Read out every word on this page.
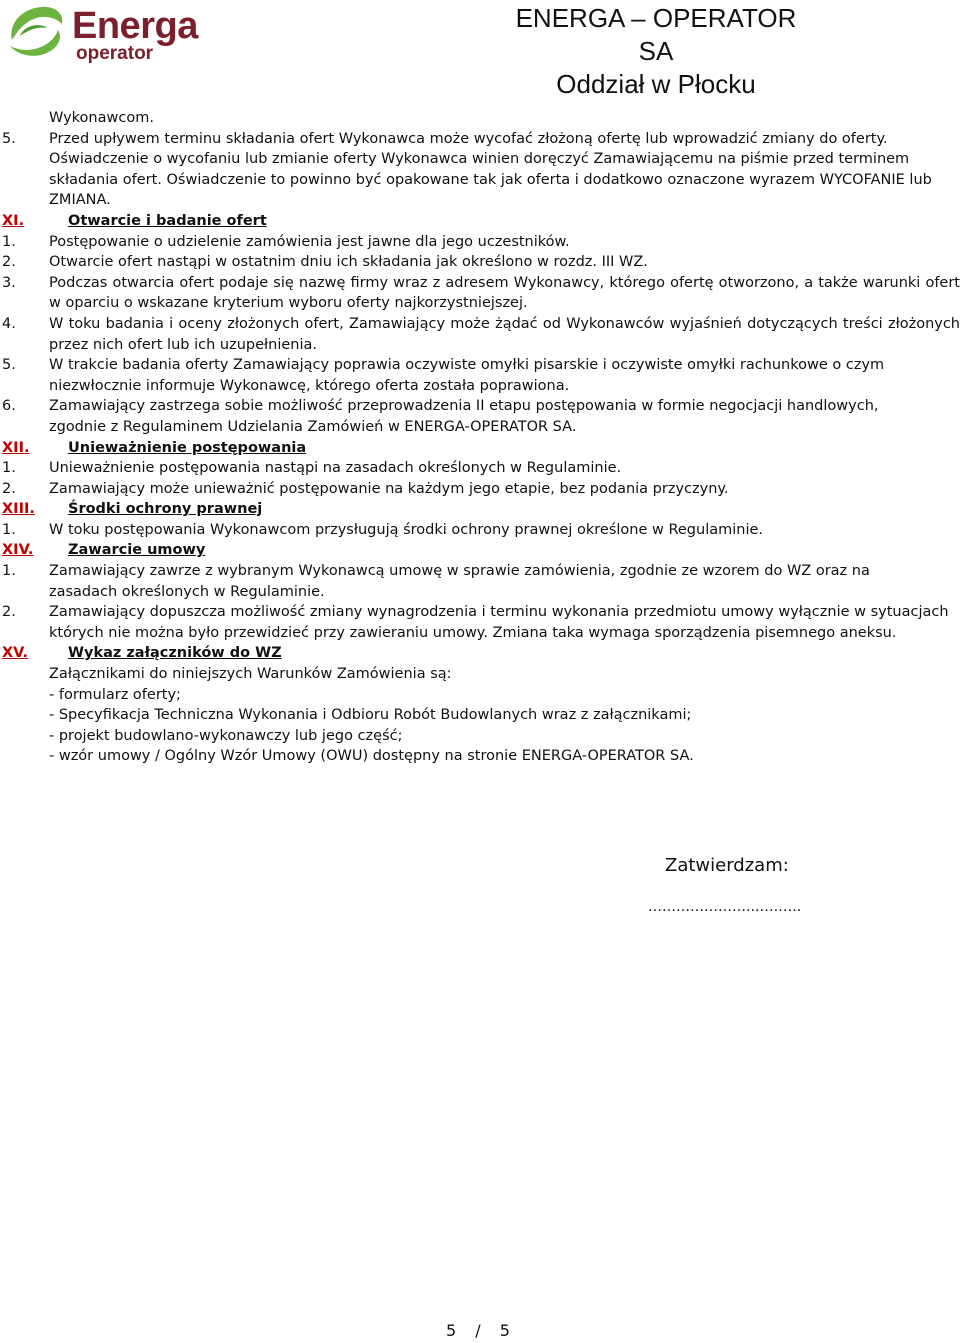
Energa
operator
ENERGA – OPERATOR SA
Oddział w Płocku
Wykonawcom.
5.	Przed upływem terminu składania ofert Wykonawca może wycofać złożoną ofertę lub wprowadzić zmiany do oferty.
Oświadczenie o wycofaniu lub zmianie oferty Wykonawca winien doręczyć Zamawiającemu na piśmie przed terminem składania ofert. Oświadczenie to powinno być opakowane tak jak oferta i dodatkowo oznaczone wyrazem WYCOFANIE lub ZMIANA.
XI.	Otwarcie i badanie ofert
1.	Postępowanie o udzielenie zamówienia jest jawne dla jego uczestników.
2.	Otwarcie ofert nastąpi w ostatnim dniu ich składania jak określono w rozdz. III WZ.
3.	Podczas otwarcia ofert podaje się nazwę firmy wraz z adresem Wykonawcy, którego ofertę otworzono, a także warunki ofert w oparciu o wskazane kryterium wyboru oferty najkorzystniejszej.
4.	W toku badania i oceny złożonych ofert, Zamawiający może żądać od Wykonawców wyjaśnień dotyczących treści złożonych przez nich ofert lub ich uzupełnienia.
5.	W trakcie badania oferty Zamawiający poprawia oczywiste omyłki pisarskie i oczywiste omyłki rachunkowe o czym niezwłocznie informuje Wykonawcę, którego oferta została poprawiona.
6.	Zamawiający zastrzega sobie możliwość przeprowadzenia II etapu postępowania w formie negocjacji handlowych, zgodnie z Regulaminem Udzielania Zamówień w ENERGA-OPERATOR SA.
XII.	Unieważnienie postępowania
1.	Unieważnienie postępowania nastąpi na zasadach określonych w Regulaminie.
2.	Zamawiający może unieważnić postępowanie na każdym jego etapie, bez podania przyczyny.
XIII. Środki ochrony prawnej
1.	W toku postępowania Wykonawcom przysługują środki ochrony prawnej określone w Regulaminie.
XIV. Zawarcie umowy
1.	Zamawiający zawrze z wybranym Wykonawcą umowę w sprawie zamówienia, zgodnie ze wzorem do WZ oraz na zasadach określonych w Regulaminie.
2.	Zamawiający dopuszcza możliwość zmiany wynagrodzenia i terminu wykonania przedmiotu umowy wyłącznie w sytuacjach których nie można było przewidzieć przy zawieraniu umowy. Zmiana taka wymaga sporządzenia pisemnego aneksu.
XV.	Wykaz załączników do WZ
Załącznikami do niniejszych Warunków Zamówienia są:
- formularz oferty;
- Specyfikacja Techniczna Wykonania i Odbioru Robót Budowlanych wraz z załącznikami;
- projekt budowlano-wykonawczy lub jego część;
- wzór umowy / Ogólny Wzór Umowy (OWU) dostępny na stronie ENERGA-OPERATOR SA.
Zatwierdzam:
…………………..……….
5 / 5
